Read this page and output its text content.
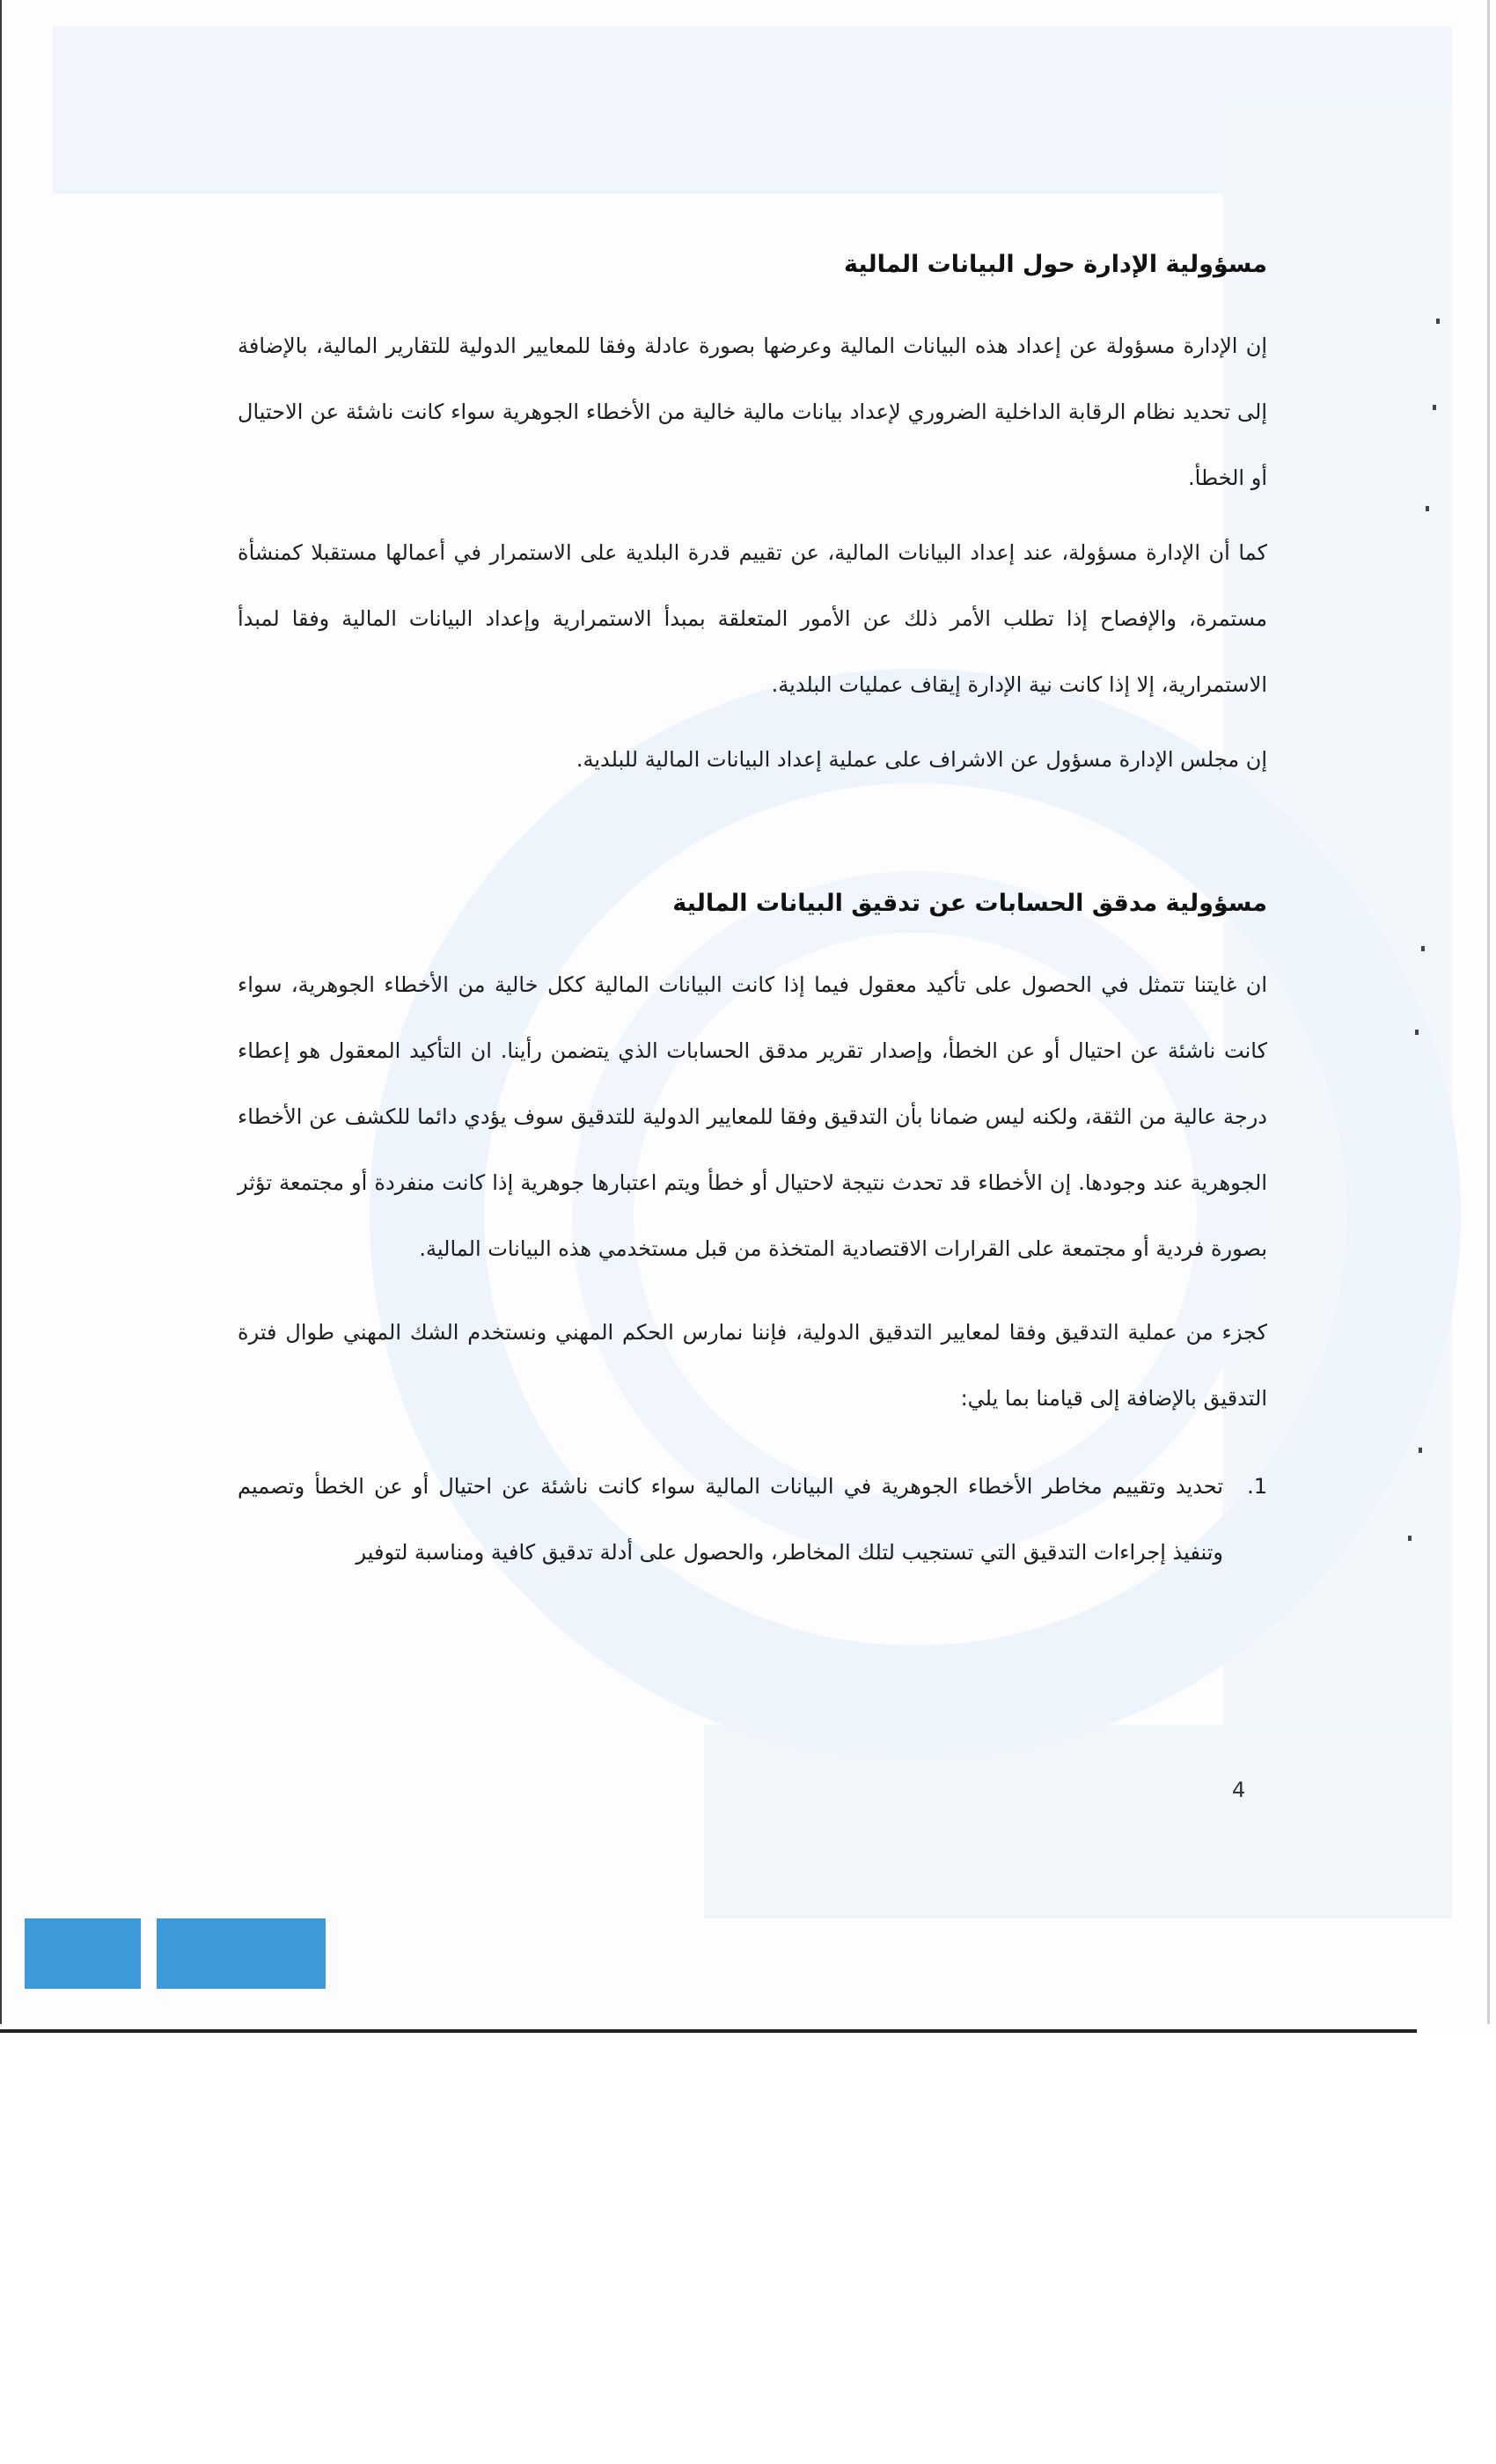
مسؤولية الإدارة حول البيانات المالية

إن الإدارة مسؤولة عن إعداد هذه البيانات المالية وعرضها بصورة عادلة وفقا للمعايير الدولية للتقارير المالية، بالإضافة إلى تحديد نظام الرقابة الداخلية الضروري لإعداد بيانات مالية خالية من الأخطاء الجوهرية سواء كانت ناشئة عن الاحتيال أو الخطأ.

كما أن الإدارة مسؤولة، عند إعداد البيانات المالية، عن تقييم قدرة البلدية على الاستمرار في أعمالها مستقبلا كمنشأة مستمرة، والإفصاح إذا تطلب الأمر ذلك عن الأمور المتعلقة بمبدأ الاستمرارية وإعداد البيانات المالية وفقا لمبدأ الاستمرارية، إلا إذا كانت نية الإدارة إيقاف عمليات البلدية.

إن مجلس الإدارة مسؤول عن الاشراف على عملية إعداد البيانات المالية للبلدية.

مسؤولية مدقق الحسابات عن تدقيق البيانات المالية

ان غايتنا تتمثل في الحصول على تأكيد معقول فيما إذا كانت البيانات المالية ككل خالية من الأخطاء الجوهرية، سواء كانت ناشئة عن احتيال أو عن الخطأ، وإصدار تقرير مدقق الحسابات الذي يتضمن رأينا. ان التأكيد المعقول هو إعطاء درجة عالية من الثقة، ولكنه ليس ضمانا بأن التدقيق وفقا للمعايير الدولية للتدقيق سوف يؤدي دائما للكشف عن الأخطاء الجوهرية عند وجودها. إن الأخطاء قد تحدث نتيجة لاحتيال أو خطأ ويتم اعتبارها جوهرية إذا كانت منفردة أو مجتمعة تؤثر بصورة فردية أو مجتمعة على القرارات الاقتصادية المتخذة من قبل مستخدمي هذه البيانات المالية.

كجزء من عملية التدقيق وفقا لمعايير التدقيق الدولية، فإننا نمارس الحكم المهني ونستخدم الشك المهني طوال فترة التدقيق بالإضافة إلى قيامنا بما يلي:

1.
تحديد وتقييم مخاطر الأخطاء الجوهرية في البيانات المالية سواء كانت ناشئة عن احتيال أو عن الخطأ وتصميم وتنفيذ إجراءات التدقيق التي تستجيب لتلك المخاطر، والحصول على أدلة تدقيق كافية ومناسبة لتوفير
4
